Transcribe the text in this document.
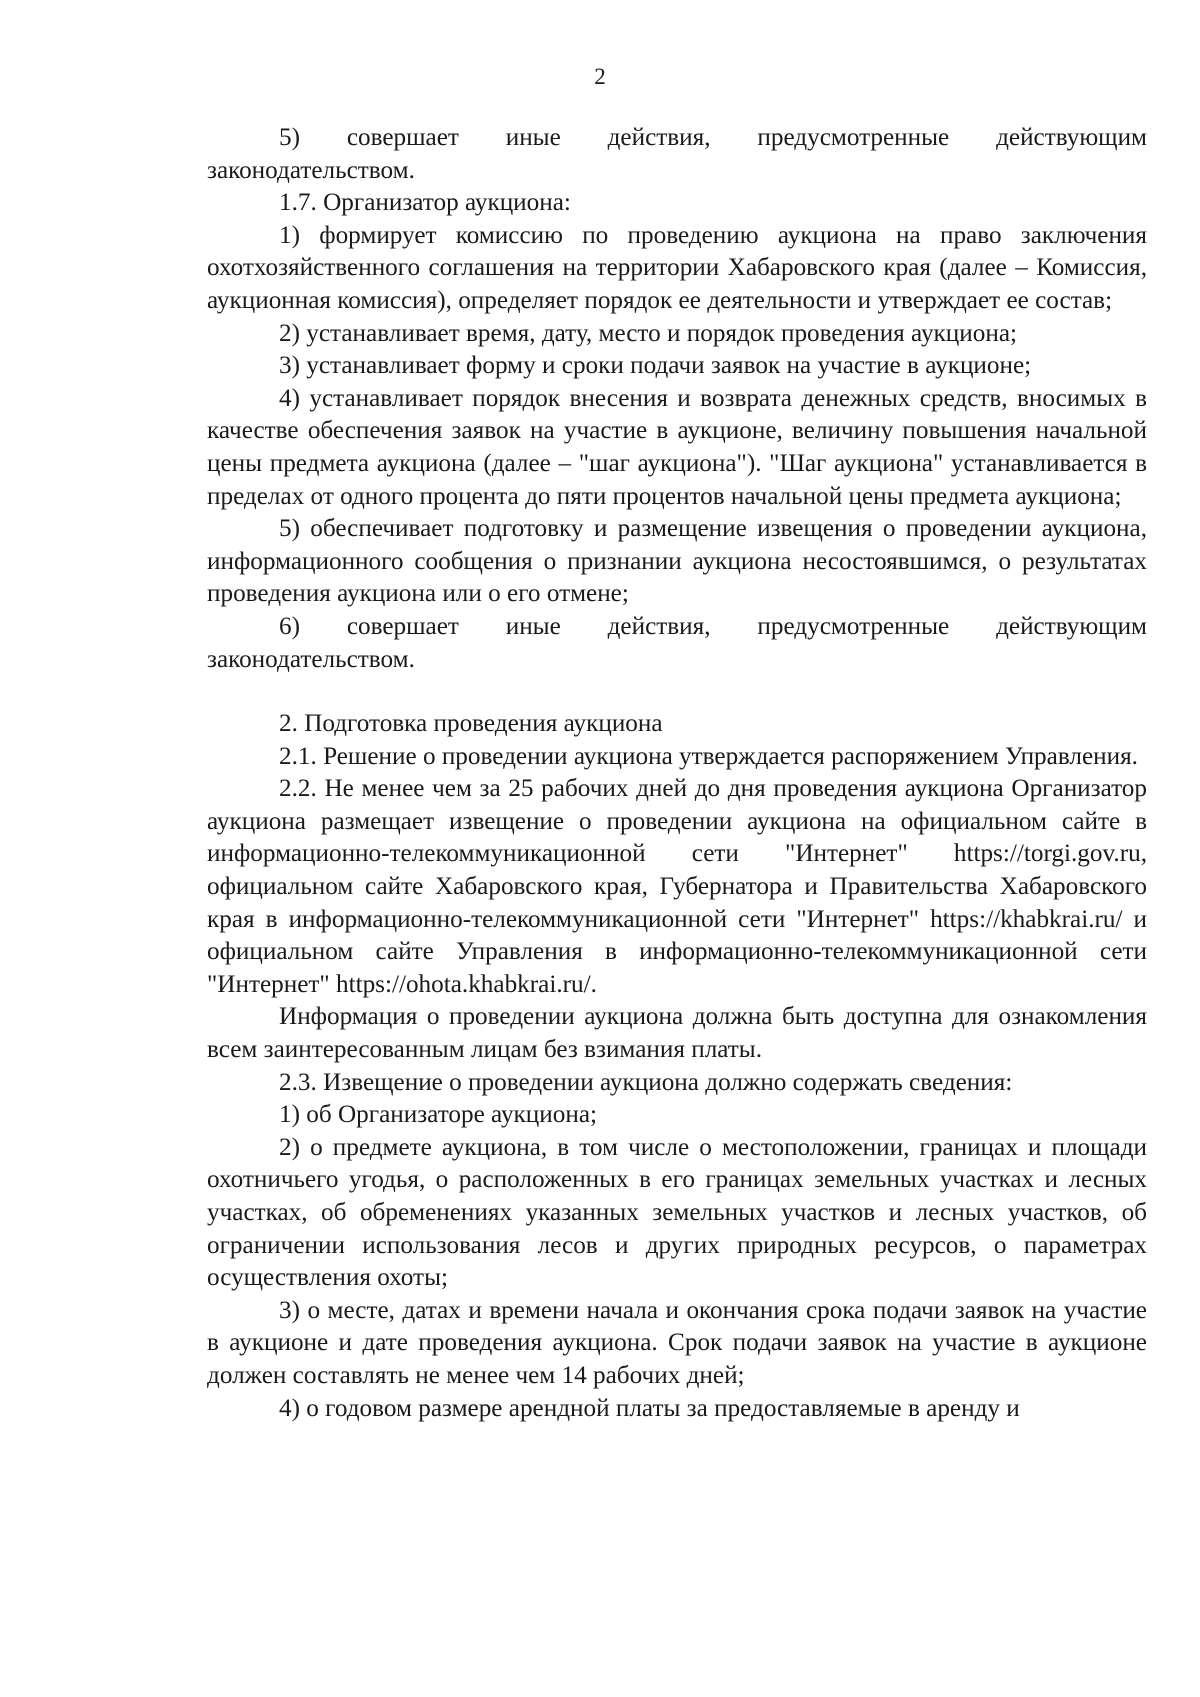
2

5) совершает иные действия, предусмотренные действующим законодательством.

1.7. Организатор аукциона:

1) формирует комиссию по проведению аукциона на право заключения охотхозяйственного соглашения на территории Хабаровского края (далее – Комиссия, аукционная комиссия), определяет порядок ее деятельности и утверждает ее состав;

2) устанавливает время, дату, место и порядок проведения аукциона;

3) устанавливает форму и сроки подачи заявок на участие в аукционе;

4) устанавливает порядок внесения и возврата денежных средств, вносимых в качестве обеспечения заявок на участие в аукционе, величину повышения начальной цены предмета аукциона (далее – "шаг аукциона"). "Шаг аукциона" устанавливается в пределах от одного процента до пяти процентов начальной цены предмета аукциона;

5) обеспечивает подготовку и размещение извещения о проведении аукциона, информационного сообщения о признании аукциона несостоявшимся, о результатах проведения аукциона или о его отмене;

6) совершает иные действия, предусмотренные действующим законодательством.

2. Подготовка проведения аукциона

2.1. Решение о проведении аукциона утверждается распоряжением Управления.

2.2. Не менее чем за 25 рабочих дней до дня проведения аукциона Организатор аукциона размещает извещение о проведении аукциона на официальном сайте в информационно-телекоммуникационной сети "Интернет" https://torgi.gov.ru, официальном сайте Хабаровского края, Губернатора и Правительства Хабаровского края в информационно-телекоммуникационной сети "Интернет" https://khabkrai.ru/ и официальном сайте Управления в информационно-телекоммуникационной сети "Интернет" https://ohota.khabkrai.ru/.

Информация о проведении аукциона должна быть доступна для ознакомления всем заинтересованным лицам без взимания платы.

2.3. Извещение о проведении аукциона должно содержать сведения:

1) об Организаторе аукциона;

2) о предмете аукциона, в том числе о местоположении, границах и площади охотничьего угодья, о расположенных в его границах земельных участках и лесных участках, об обременениях указанных земельных участков и лесных участков, об ограничении использования лесов и других природных ресурсов, о параметрах осуществления охоты;

3) о месте, датах и времени начала и окончания срока подачи заявок на участие в аукционе и дате проведения аукциона. Срок подачи заявок на участие в аукционе должен составлять не менее чем 14 рабочих дней;

4) о годовом размере арендной платы за предоставляемые в аренду и
